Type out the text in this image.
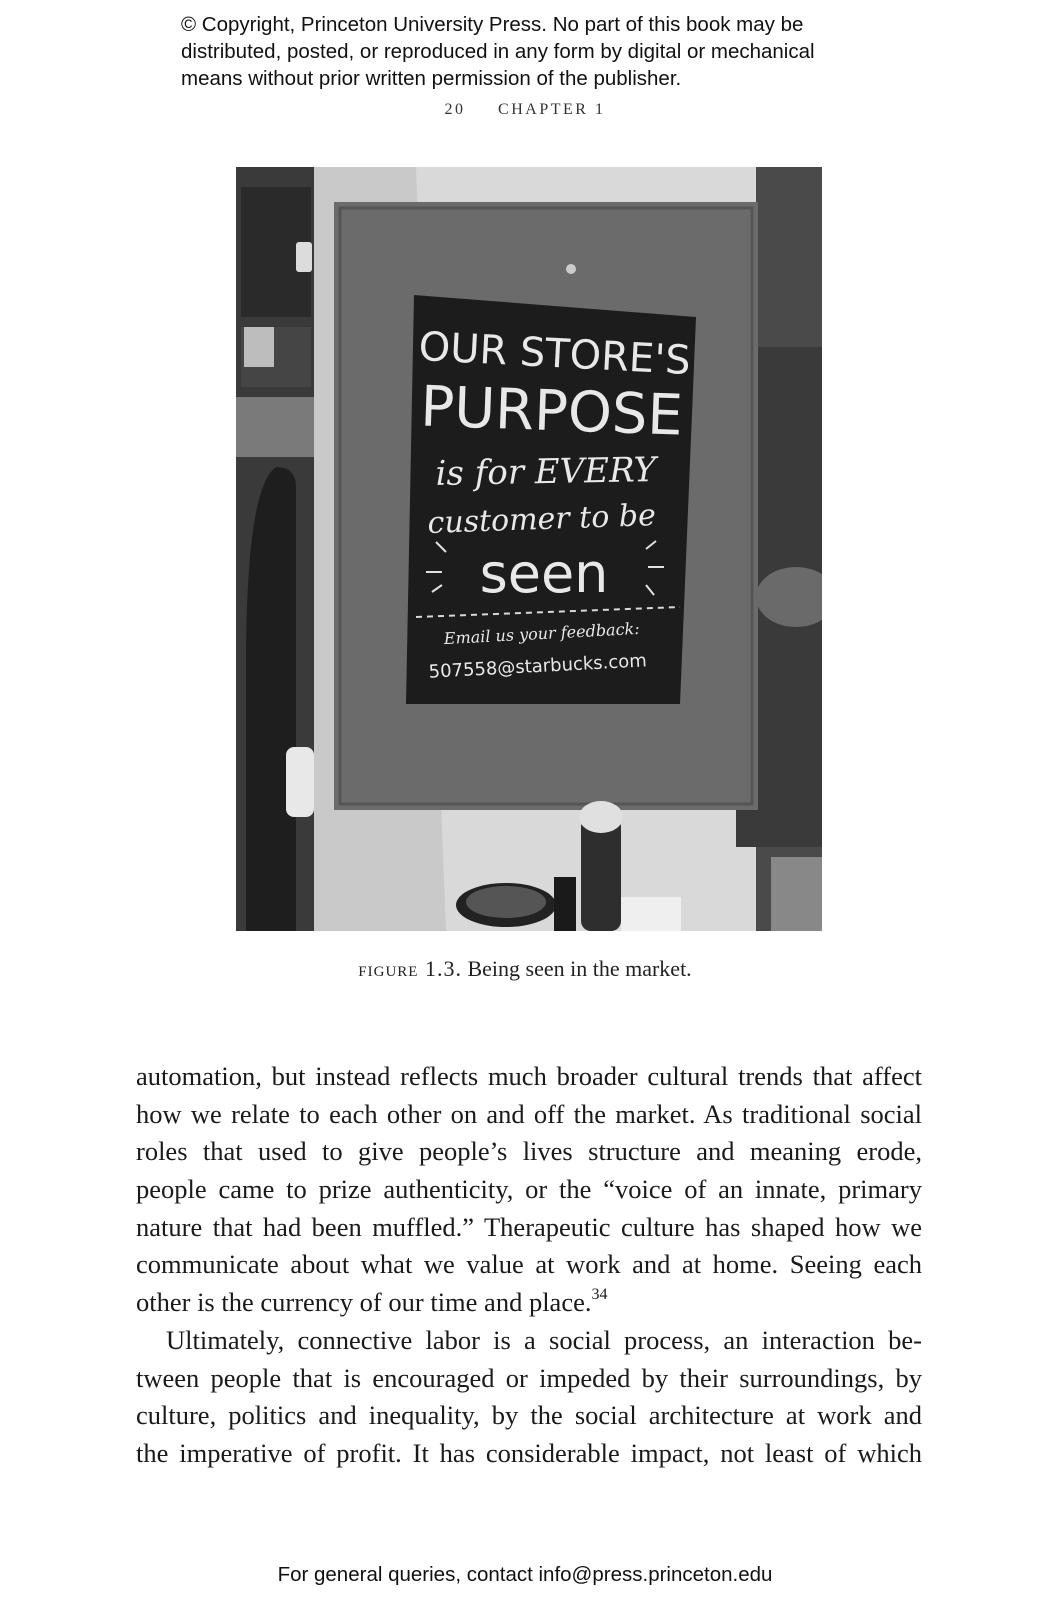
© Copyright, Princeton University Press. No part of this book may be
distributed, posted, or reproduced in any form by digital or mechanical
means without prior written permission of the publisher.
20 CHAPTER 1
OUR STORE'S
PURPOSE
is for EVERY
customer to be
seen
Email us your feedback:
507558@starbucks.com
figure 1.3. Being seen in the market.
automation, but instead reflects much broader cultural trends that affect
how we relate to each other on and off the market. As traditional social
roles that used to give people’s lives structure and meaning erode,
people came to prize authenticity, or the “voice of an innate, primary
nature that had been muffled.” Therapeutic culture has shaped how we
communicate about what we value at work and at home. Seeing each
other is the currency of our time and place.$^{34}$
Ultimately, connective labor is a social process, an interaction be-
tween people that is encouraged or impeded by their surroundings, by
culture, politics and inequality, by the social architecture at work and
the imperative of profit. It has considerable impact, not least of which
For general queries, contact info@press.princeton.edu
